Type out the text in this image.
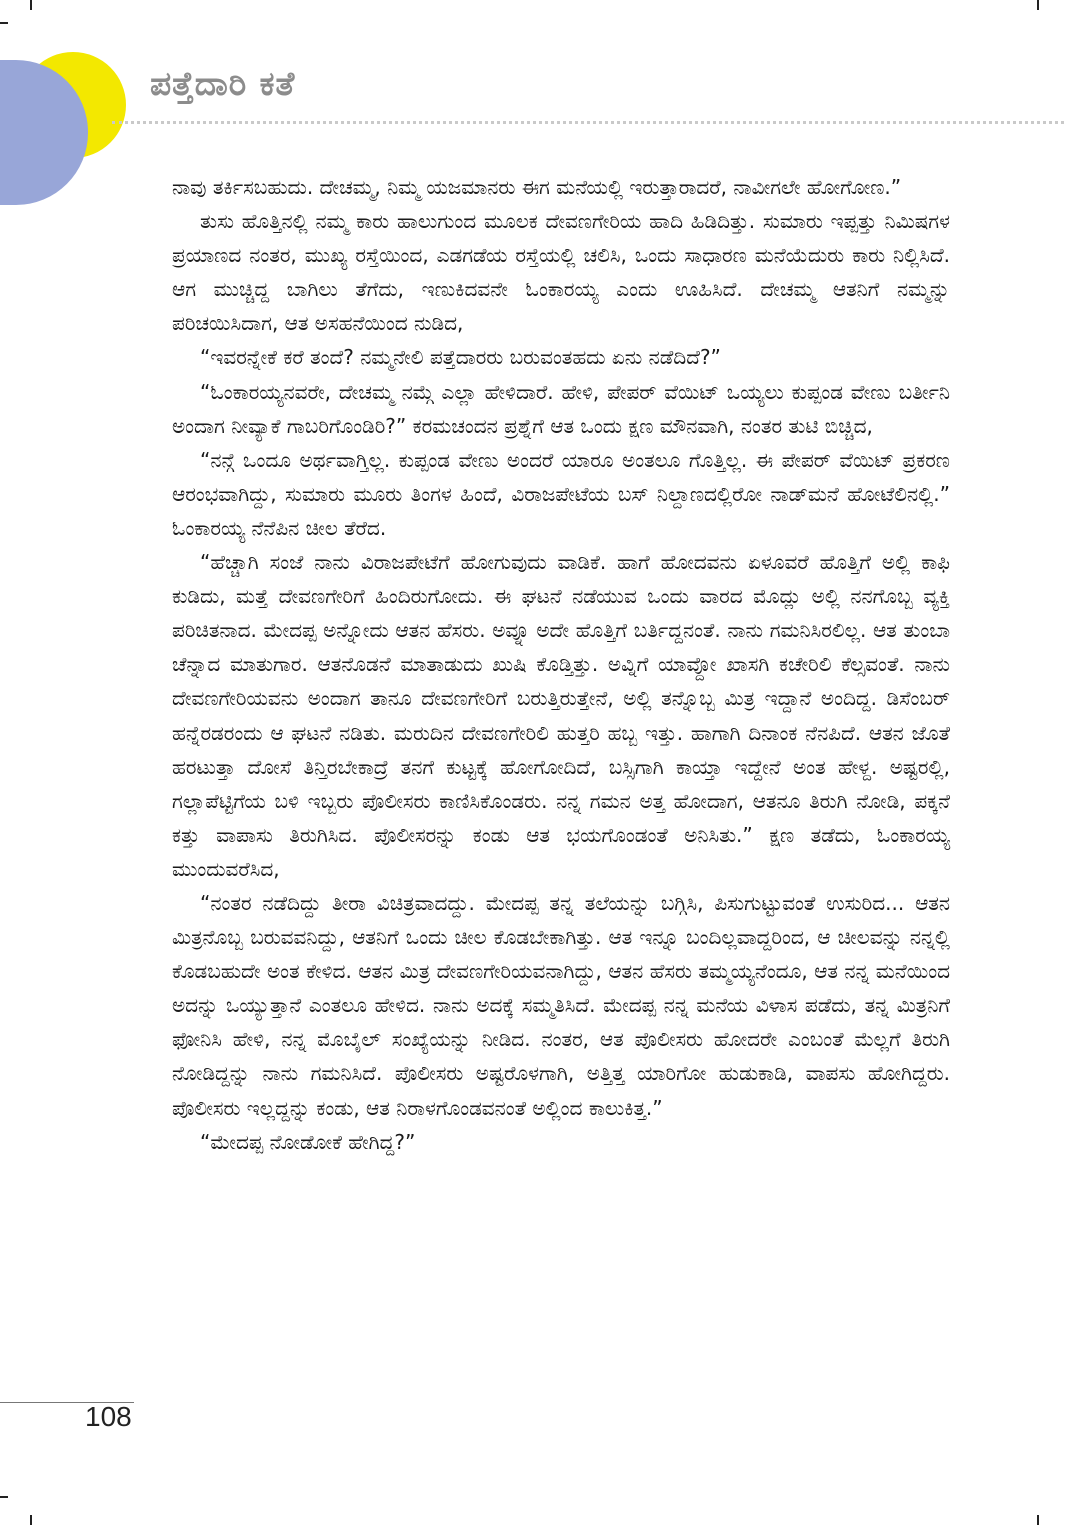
ಪತ್ತೆದಾರಿ ಕತೆ

ನಾವು ತರ್ಕಿಸಬಹುದು. ದೇಚಮ್ಮ, ನಿಮ್ಮ ಯಜಮಾನರು ಈಗ ಮನೆಯಲ್ಲಿ ಇರುತ್ತಾರಾದರೆ, ನಾವೀಗಲೇ ಹೋಗೋಣ.”

ತುಸು ಹೊತ್ತಿನಲ್ಲಿ ನಮ್ಮ ಕಾರು ಹಾಲುಗುಂದ ಮೂಲಕ ದೇವಣಗೇರಿಯ ಹಾದಿ ಹಿಡಿದಿತ್ತು. ಸುಮಾರು ಇಪ್ಪತ್ತು ನಿಮಿಷಗಳ ಪ್ರಯಾಣದ ನಂತರ, ಮುಖ್ಯ ರಸ್ತೆಯಿಂದ, ಎಡಗಡೆಯ ರಸ್ತೆಯಲ್ಲಿ ಚಲಿಸಿ, ಒಂದು ಸಾಧಾರಣ ಮನೆಯೆದುರು ಕಾರು ನಿಲ್ಲಿಸಿದೆ. ಆಗ ಮುಚ್ಚಿದ್ದ ಬಾಗಿಲು ತೆಗೆದು, ಇಣುಕಿದವನೇ ಓಂಕಾರಯ್ಯ ಎಂದು ಊಹಿಸಿದೆ. ದೇಚಮ್ಮ ಆತನಿಗೆ ನಮ್ಮನ್ನು ಪರಿಚಯಿಸಿದಾಗ, ಆತ ಅಸಹನೆಯಿಂದ ನುಡಿದ,

“ಇವರನ್ನೇಕೆ ಕರೆ ತಂದೆ? ನಮ್ಮನೇಲಿ ಪತ್ತೆದಾರರು ಬರುವಂತಹದು ಏನು ನಡೆದಿದೆ?”

“ಓಂಕಾರಯ್ಯನವರೇ, ದೇಚಮ್ಮ ನಮ್ಗೆ ಎಲ್ಲಾ ಹೇಳಿದಾರೆ. ಹೇಳಿ, ಪೇಪರ್ ವೆಯಿಟ್ ಒಯ್ಯಲು ಕುಪ್ಪಂಡ ವೇಣು ಬರ್ತೀನಿ ಅಂದಾಗ ನೀವ್ಯಾಕೆ ಗಾಬರಿಗೊಂಡಿರಿ?” ಕರಮಚಂದನ ಪ್ರಶ್ನೆಗೆ ಆತ ಒಂದು ಕ್ಷಣ ಮೌನವಾಗಿ, ನಂತರ ತುಟಿ ಬಿಚ್ಚಿದ,

“ನನ್ಗೆ ಒಂದೂ ಅರ್ಥವಾಗ್ತಿಲ್ಲ. ಕುಪ್ಪಂಡ ವೇಣು ಅಂದರೆ ಯಾರೂ ಅಂತಲೂ ಗೊತ್ತಿಲ್ಲ. ಈ ಪೇಪರ್ ವೆಯಿಟ್ ಪ್ರಕರಣ ಆರಂಭವಾಗಿದ್ದು, ಸುಮಾರು ಮೂರು ತಿಂಗಳ ಹಿಂದೆ, ವಿರಾಜಪೇಟೆಯ ಬಸ್ ನಿಲ್ದಾಣದಲ್ಲಿರೋ ನಾಡ್‌ಮನೆ ಹೋಟೆಲಿನಲ್ಲಿ.” ಓಂಕಾರಯ್ಯ ನೆನೆಪಿನ ಚೀಲ ತೆರೆದ.

“ಹೆಚ್ಚಾಗಿ ಸಂಜೆ ನಾನು ವಿರಾಜಪೇಟೆಗೆ ಹೋಗುವುದು ವಾಡಿಕೆ. ಹಾಗೆ ಹೋದವನು ಏಳೂವರೆ ಹೊತ್ತಿಗೆ ಅಲ್ಲಿ ಕಾಫಿ ಕುಡಿದು, ಮತ್ತೆ ದೇವಣಗೇರಿಗೆ ಹಿಂದಿರುಗೋದು. ಈ ಘಟನೆ ನಡೆಯುವ ಒಂದು ವಾರದ ಮೊದ್ಲು ಅಲ್ಲಿ ನನಗೊಬ್ಬ ವ್ಯಕ್ತಿ ಪರಿಚಿತನಾದ. ಮೇದಪ್ಪ ಅನ್ನೋದು ಆತನ ಹೆಸರು. ಅವ್ನೂ ಅದೇ ಹೊತ್ತಿಗೆ ಬರ್ತಿದ್ದನಂತೆ. ನಾನು ಗಮನಿಸಿರಲಿಲ್ಲ. ಆತ ತುಂಬಾ ಚೆನ್ನಾದ ಮಾತುಗಾರ. ಆತನೊಡನೆ ಮಾತಾಡುದು ಖುಷಿ ಕೊಡ್ತಿತ್ತು. ಅವ್ನಿಗೆ ಯಾವ್ದೋ ಖಾಸಗಿ ಕಚೇರಿಲಿ ಕೆಲ್ಸವಂತೆ. ನಾನು ದೇವಣಗೇರಿಯವನು ಅಂದಾಗ ತಾನೂ ದೇವಣಗೇರಿಗೆ ಬರುತ್ತಿರುತ್ತೇನೆ, ಅಲ್ಲಿ ತನ್ನೊಬ್ಬ ಮಿತ್ರ ಇದ್ದಾನೆ ಅಂದಿದ್ದ. ಡಿಸೆಂಬರ್ ಹನ್ನೆರಡರಂದು ಆ ಘಟನೆ ನಡಿತು. ಮರುದಿನ ದೇವಣಗೇರಿಲಿ ಹುತ್ತರಿ ಹಬ್ಬ ಇತ್ತು. ಹಾಗಾಗಿ ದಿನಾಂಕ ನೆನಪಿದೆ. ಆತನ ಜೊತೆ ಹರಟುತ್ತಾ ದೋಸೆ ತಿನ್ತಿರಬೇಕಾದ್ರೆ ತನಗೆ ಕುಟ್ಟಕ್ಕೆ ಹೋಗೋದಿದೆ, ಬಸ್ಸಿಗಾಗಿ ಕಾಯ್ತಾ ಇದ್ದೇನೆ ಅಂತ ಹೇಳ್ದ. ಅಷ್ಟರಲ್ಲಿ, ಗಲ್ಲಾಪೆಟ್ಟಿಗೆಯ ಬಳಿ ಇಬ್ಬರು ಪೊಲೀಸರು ಕಾಣಿಸಿಕೊಂಡರು. ನನ್ನ ಗಮನ ಅತ್ತ ಹೋದಾಗ, ಆತನೂ ತಿರುಗಿ ನೋಡಿ, ಪಕ್ಕನೆ ಕತ್ತು ವಾಪಾಸು ತಿರುಗಿಸಿದ. ಪೊಲೀಸರನ್ನು ಕಂಡು ಆತ ಭಯಗೊಂಡಂತೆ ಅನಿಸಿತು.” ಕ್ಷಣ ತಡೆದು, ಓಂಕಾರಯ್ಯ ಮುಂದುವರೆಸಿದ,

“ನಂತರ ನಡೆದಿದ್ದು ತೀರಾ ವಿಚಿತ್ರವಾದದ್ದು. ಮೇದಪ್ಪ ತನ್ನ ತಲೆಯನ್ನು ಬಗ್ಗಿಸಿ, ಪಿಸುಗುಟ್ಟುವಂತೆ ಉಸುರಿದ... ಆತನ ಮಿತ್ರನೊಬ್ಬ ಬರುವವನಿದ್ದು, ಆತನಿಗೆ ಒಂದು ಚೀಲ ಕೊಡಬೇಕಾಗಿತ್ತು. ಆತ ಇನ್ನೂ ಬಂದಿಲ್ಲವಾದ್ದರಿಂದ, ಆ ಚೀಲವನ್ನು ನನ್ನಲ್ಲಿ ಕೊಡಬಹುದೇ ಅಂತ ಕೇಳಿದ. ಆತನ ಮಿತ್ರ ದೇವಣಗೇರಿಯವನಾಗಿದ್ದು, ಆತನ ಹೆಸರು ತಮ್ಮಯ್ಯನೆಂದೂ, ಆತ ನನ್ನ ಮನೆಯಿಂದ ಅದನ್ನು ಒಯ್ಯುತ್ತಾನೆ ಎಂತಲೂ ಹೇಳಿದ. ನಾನು ಅದಕ್ಕೆ ಸಮ್ಮತಿಸಿದೆ. ಮೇದಪ್ಪ ನನ್ನ ಮನೆಯ ವಿಳಾಸ ಪಡೆದು, ತನ್ನ ಮಿತ್ರನಿಗೆ ಫೋನಿಸಿ ಹೇಳಿ, ನನ್ನ ಮೊಬೈಲ್ ಸಂಖ್ಯೆಯನ್ನು ನೀಡಿದ. ನಂತರ, ಆತ ಪೊಲೀಸರು ಹೋದರೇ ಎಂಬಂತೆ ಮೆಲ್ಲಗೆ ತಿರುಗಿ ನೋಡಿದ್ದನ್ನು ನಾನು ಗಮನಿಸಿದೆ. ಪೊಲೀಸರು ಅಷ್ಟರೊಳಗಾಗಿ, ಅತ್ತಿತ್ತ ಯಾರಿಗೋ ಹುಡುಕಾಡಿ, ವಾಪಸು ಹೋಗಿದ್ದರು. ಪೊಲೀಸರು ಇಲ್ಲದ್ದನ್ನು ಕಂಡು, ಆತ ನಿರಾಳಗೊಂಡವನಂತೆ ಅಲ್ಲಿಂದ ಕಾಲುಕಿತ್ತ.”

“ಮೇದಪ್ಪ ನೋಡೋಕೆ ಹೇಗಿದ್ದ?”

108
